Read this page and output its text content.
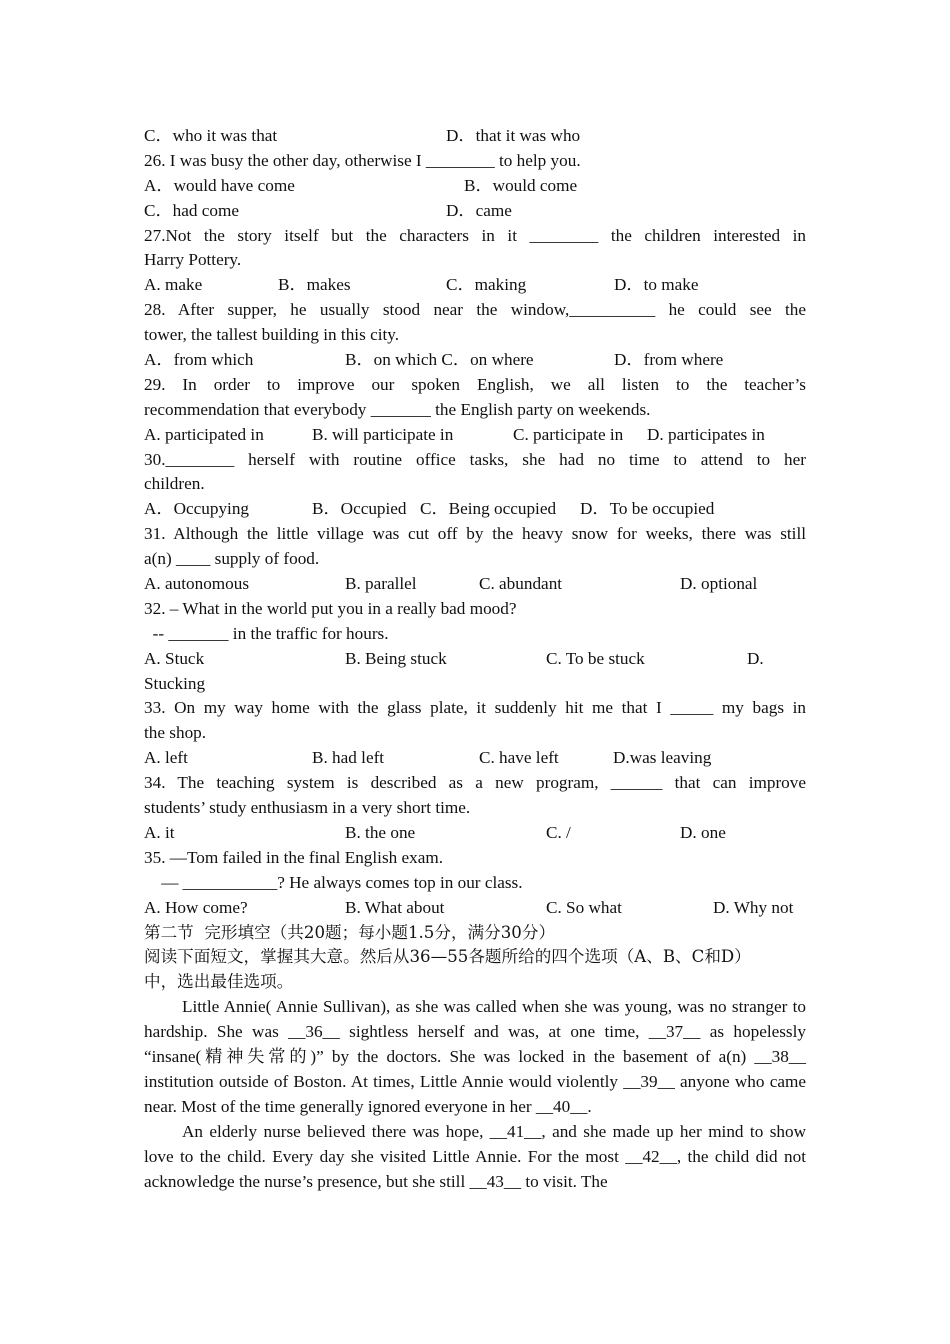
C．who it was that

	D．that it was who

26. I was busy the other day, otherwise I ________ to help you.

A．would have come

	B．would come

C．had come

	D．came

27.Not the story itself but the characters in it ________ the children interested in
Harry Pottery.

A. make

	B．makes

	C．making

	D．to make

28. After supper, he usually stood near the window,__________ he could see the
tower, the tallest building in this city.

A．from which

	B．on which C．on where

	D．from where

29. In order to improve our spoken English, we all listen to the teacher’s
recommendation that everybody _______ the English party on weekends.

A. participated in

	B. will participate in

	C. participate in

D. participates in

30.________ herself with routine office tasks, she had no time to attend to her
children.

A．Occupying

	B．Occupied

C．Being occupied

D．To be occupied

31. Although the little village was cut off by the heavy snow for weeks, there was still
a(n) ____ supply of food.

A. autonomous

	B. parallel

	C. abundant

	D. optional

32. – What in the world put you in a really bad mood?
-- _______ in the traffic for hours.

A. Stuck

	B. Being stuck

	C. To be stuck

	D.

Stucking
33. On my way home with the glass plate, it suddenly hit me that I _____ my bags in
the shop.

A. left

	B. had left

	C. have left

	D.was leaving

34. The teaching system is described as a new program, ______ that can improve
students’ study enthusiasm in a very short time.

A. it

	B. the one

	C. /

	D. one

35. —Tom failed in the final English exam.
— ___________? He always comes top in our class.

A. How come?

	B. What about

	C. So what

	D. Why not

第二节  完形填空（共20题；每小题1.5分，满分30分）
阅读下面短文，掌握其大意。然后从36—55各题所给的四个选项（A、B、C和D）
中，选出最佳选项。
Little Annie( Annie Sullivan), as she was called when she was young, was no stranger to hardship. She was __36__ sightless herself and was, at one time, __37__ as hopelessly “insane(精神失常的)” by the doctors. She was locked in the basement of a(n) __38__ institution outside of Boston. At times, Little Annie would violently __39__ anyone who came near. Most of the time generally ignored everyone in her __40__.
An elderly nurse believed there was hope, __41__, and she made up her mind to show love to the child. Every day she visited Little Annie. For the most __42__, the child did not acknowledge the nurse’s presence, but she still __43__ to visit. The
